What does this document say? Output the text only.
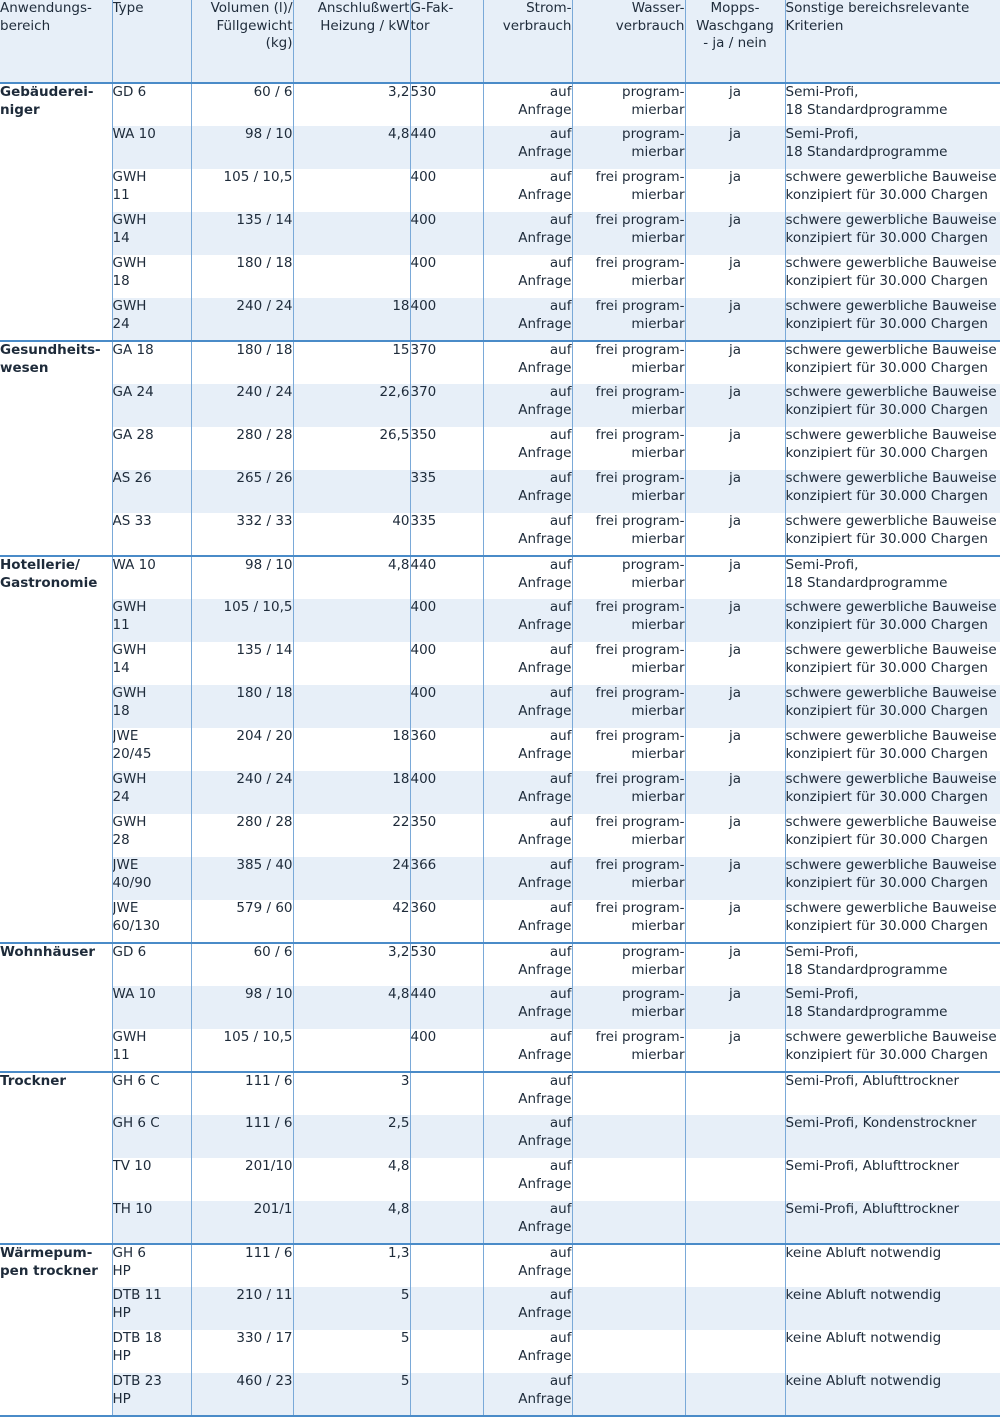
Anwendungs-
bereich	Type	Volumen (l)/
Füllgewicht
(kg)	Anschlußwert
Heizung / kW	G-Fak-
tor	Strom-
verbrauch	Wasser-
verbrauch	Mopps-
Waschgang
- ja / nein	Sonstige bereichsrelevante
Kriterien

Gebäuderei-
niger	GD 6	60 / 6	3,2	530	auf
Anfrage	program-
mierbar	ja	Semi-Profi,
18 Standardprogramme

	WA 10	98 / 10	4,8	440	auf
Anfrage	program-
mierbar	ja	Semi-Profi,
18 Standardprogramme

	GWH
11	105 / 10,5		400	auf
Anfrage	frei program-
mierbar	ja	schwere gewerbliche Bauweise
konzipiert für 30.000 Chargen

	GWH
14	135 / 14		400	auf
Anfrage	frei program-
mierbar	ja	schwere gewerbliche Bauweise
konzipiert für 30.000 Chargen

	GWH
18	180 / 18		400	auf
Anfrage	frei program-
mierbar	ja	schwere gewerbliche Bauweise
konzipiert für 30.000 Chargen

	GWH
24	240 / 24	18	400	auf
Anfrage	frei program-
mierbar	ja	schwere gewerbliche Bauweise
konzipiert für 30.000 Chargen

Gesundheits-
wesen	GA 18	180 / 18	15	370	auf
Anfrage	frei program-
mierbar	ja	schwere gewerbliche Bauweise
konzipiert für 30.000 Chargen

	GA 24	240 / 24	22,6	370	auf
Anfrage	frei program-
mierbar	ja	schwere gewerbliche Bauweise
konzipiert für 30.000 Chargen

	GA 28	280 / 28	26,5	350	auf
Anfrage	frei program-
mierbar	ja	schwere gewerbliche Bauweise
konzipiert für 30.000 Chargen

	AS 26	265 / 26		335	auf
Anfrage	frei program-
mierbar	ja	schwere gewerbliche Bauweise
konzipiert für 30.000 Chargen

	AS 33	332 / 33	40	335	auf
Anfrage	frei program-
mierbar	ja	schwere gewerbliche Bauweise
konzipiert für 30.000 Chargen

Hotellerie/
Gastronomie	WA 10	98 / 10	4,8	440	auf
Anfrage	program-
mierbar	ja	Semi-Profi,
18 Standardprogramme

	GWH
11	105 / 10,5		400	auf
Anfrage	frei program-
mierbar	ja	schwere gewerbliche Bauweise
konzipiert für 30.000 Chargen

	GWH
14	135 / 14		400	auf
Anfrage	frei program-
mierbar	ja	schwere gewerbliche Bauweise
konzipiert für 30.000 Chargen

	GWH
18	180 / 18		400	auf
Anfrage	frei program-
mierbar	ja	schwere gewerbliche Bauweise
konzipiert für 30.000 Chargen

	JWE
20/45	204 / 20	18	360	auf
Anfrage	frei program-
mierbar	ja	schwere gewerbliche Bauweise
konzipiert für 30.000 Chargen

	GWH
24	240 / 24	18	400	auf
Anfrage	frei program-
mierbar	ja	schwere gewerbliche Bauweise
konzipiert für 30.000 Chargen

	GWH
28	280 / 28	22	350	auf
Anfrage	frei program-
mierbar	ja	schwere gewerbliche Bauweise
konzipiert für 30.000 Chargen

	JWE
40/90	385 / 40	24	366	auf
Anfrage	frei program-
mierbar	ja	schwere gewerbliche Bauweise
konzipiert für 30.000 Chargen

	JWE
60/130	579 / 60	42	360	auf
Anfrage	frei program-
mierbar	ja	schwere gewerbliche Bauweise
konzipiert für 30.000 Chargen

Wohnhäuser	GD 6	60 / 6	3,2	530	auf
Anfrage	program-
mierbar	ja	Semi-Profi,
18 Standardprogramme

	WA 10	98 / 10	4,8	440	auf
Anfrage	program-
mierbar	ja	Semi-Profi,
18 Standardprogramme

	GWH
11	105 / 10,5		400	auf
Anfrage	frei program-
mierbar	ja	schwere gewerbliche Bauweise
konzipiert für 30.000 Chargen

Trockner	GH 6 C	111 / 6	3		auf
Anfrage			Semi-Profi, Ablufttrockner

	GH 6 C	111 / 6	2,5		auf
Anfrage			Semi-Profi, Kondenstrockner

	TV 10	201/10	4,8		auf
Anfrage			Semi-Profi, Ablufttrockner

	TH 10	201/1	4,8		auf
Anfrage			Semi-Profi, Ablufttrockner

Wärmepum-
pen trockner	GH 6
HP	111 / 6	1,3		auf
Anfrage			keine Abluft notwendig

	DTB 11
HP	210 / 11	5		auf
Anfrage			keine Abluft notwendig

	DTB 18
HP	330 / 17	5		auf
Anfrage			keine Abluft notwendig

	DTB 23
HP	460 / 23	5		auf
Anfrage			keine Abluft notwendig
